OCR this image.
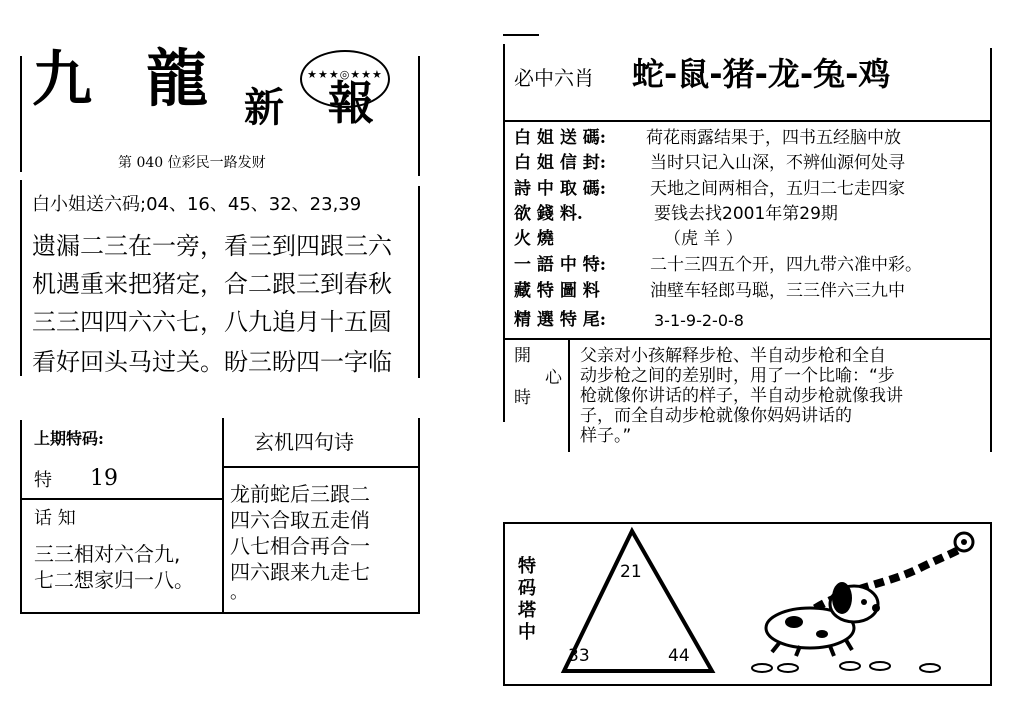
九 龍 新 報
★★★◎★★★
第 040 位彩民一路发财
白小姐送六码;04、16、45、32、23,39
遗漏二三在一旁，看三到四跟三六
机遇重来把猪定，合二跟三到春秋
三三四四六六七，八九追月十五圆
看好回头马过关。盼三盼四一字临
上期特码:
特 19
话 知
三三相对六合九,
七二想家归一八。
玄机四句诗
龙前蛇后三跟二
四六合取五走俏
八七相合再合一
四六跟来九走七
。
必中六肖 蛇-鼠-猪-龙-兔-鸡
白 姐 送 碼: 荷花雨露结果于，四书五经脑中放
白 姐 信 封:	当时只记入山深，不辨仙源何处寻
詩 中 取 碼:	天地之间两相合，五归二七走四家
欲 錢 料.	要钱去找2001年第29期
火 燒	（虎 羊 ）
一 語 中 特:	二十三四五个开，四九带六准中彩。
藏 特 圖 料	油壁车轻郎马聪，三三伴六三九中
精 選 特 尾:	3-1-9-2-0-8
開
心
時
父亲对小孩解释步枪、半自动步枪和全自
动步枪之间的差别时，用了一个比喻：“步
枪就像你讲话的样子，半自动步枪就像我讲
子，而全自动步枪就像你妈妈讲话的
样子。”
特
码
塔
中
21
33	44
